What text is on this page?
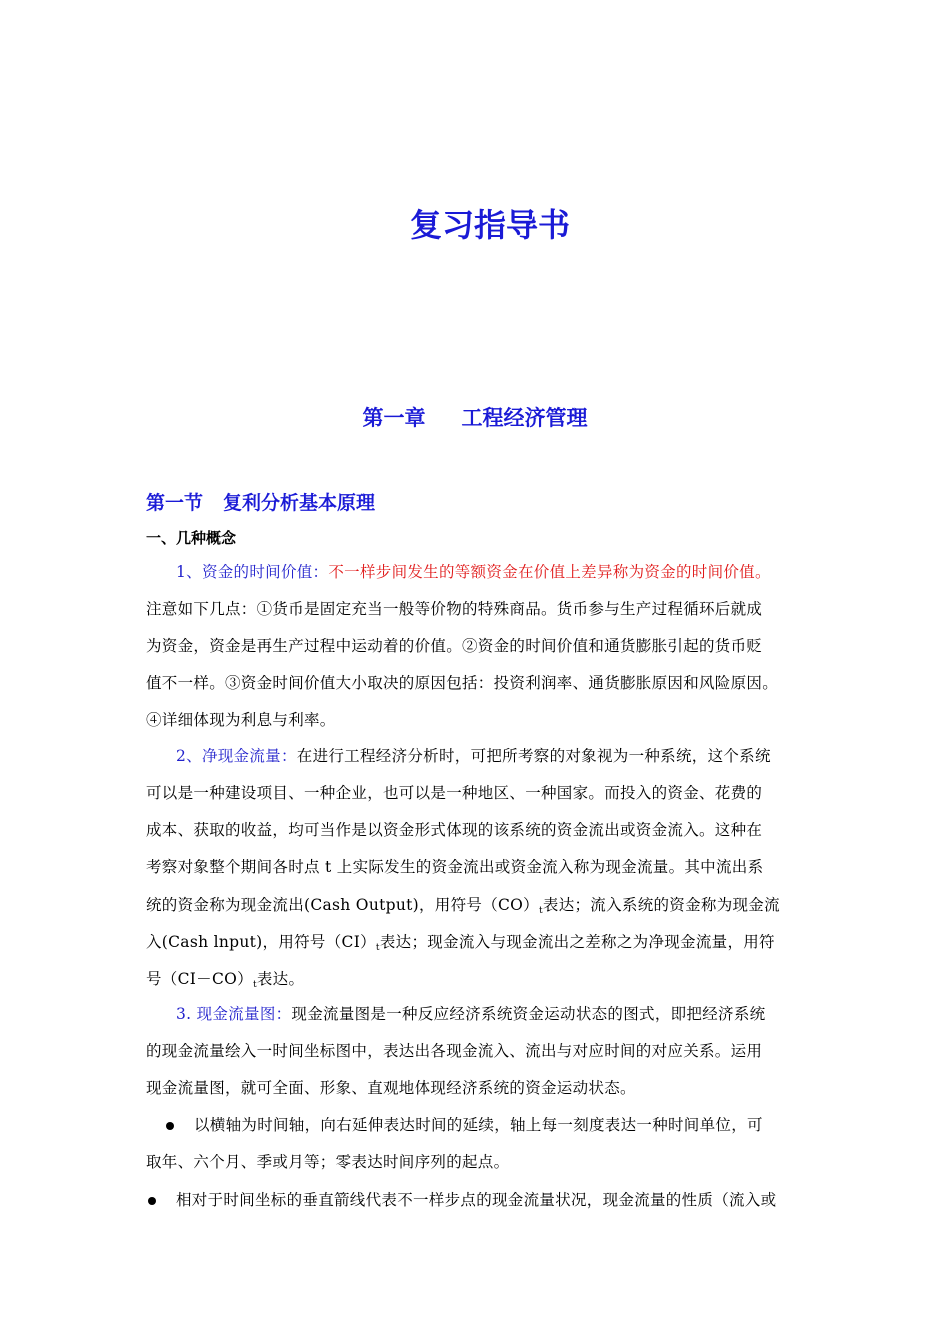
复习指导书
第一章 工程经济管理
第一节 复利分析基本原理
一、几种概念
1、资金的时间价值：不一样步间发生的等额资金在价值上差异称为资金的时间价值。
注意如下几点：①货币是固定充当一般等价物的特殊商品。货币参与生产过程循环后就成
为资金，资金是再生产过程中运动着的价值。②资金的时间价值和通货膨胀引起的货币贬
值不一样。③资金时间价值大小取决的原因包括：投资利润率、通货膨胀原因和风险原因。
④详细体现为利息与利率。
2、净现金流量：在进行工程经济分析时，可把所考察的对象视为一种系统，这个系统
可以是一种建设项目、一种企业，也可以是一种地区、一种国家。而投入的资金、花费的
成本、获取的收益，均可当作是以资金形式体现的该系统的资金流出或资金流入。这种在
考察对象整个期间各时点 t 上实际发生的资金流出或资金流入称为现金流量。其中流出系
统的资金称为现金流出(Cash Output)，用符号（CO）t表达；流入系统的资金称为现金流
入(Cash lnput)，用符号（CI）t表达；现金流入与现金流出之差称之为净现金流量，用符
号（CI－CO）t表达。
3. 现金流量图：现金流量图是一种反应经济系统资金运动状态的图式，即把经济系统
的现金流量绘入一时间坐标图中，表达出各现金流入、流出与对应时间的对应关系。运用
现金流量图，就可全面、形象、直观地体现经济系统的资金运动状态。
以横轴为时间轴，向右延伸表达时间的延续，轴上每一刻度表达一种时间单位，可
取年、六个月、季或月等；零表达时间序列的起点。
相对于时间坐标的垂直箭线代表不一样步点的现金流量状况，现金流量的性质（流入或
